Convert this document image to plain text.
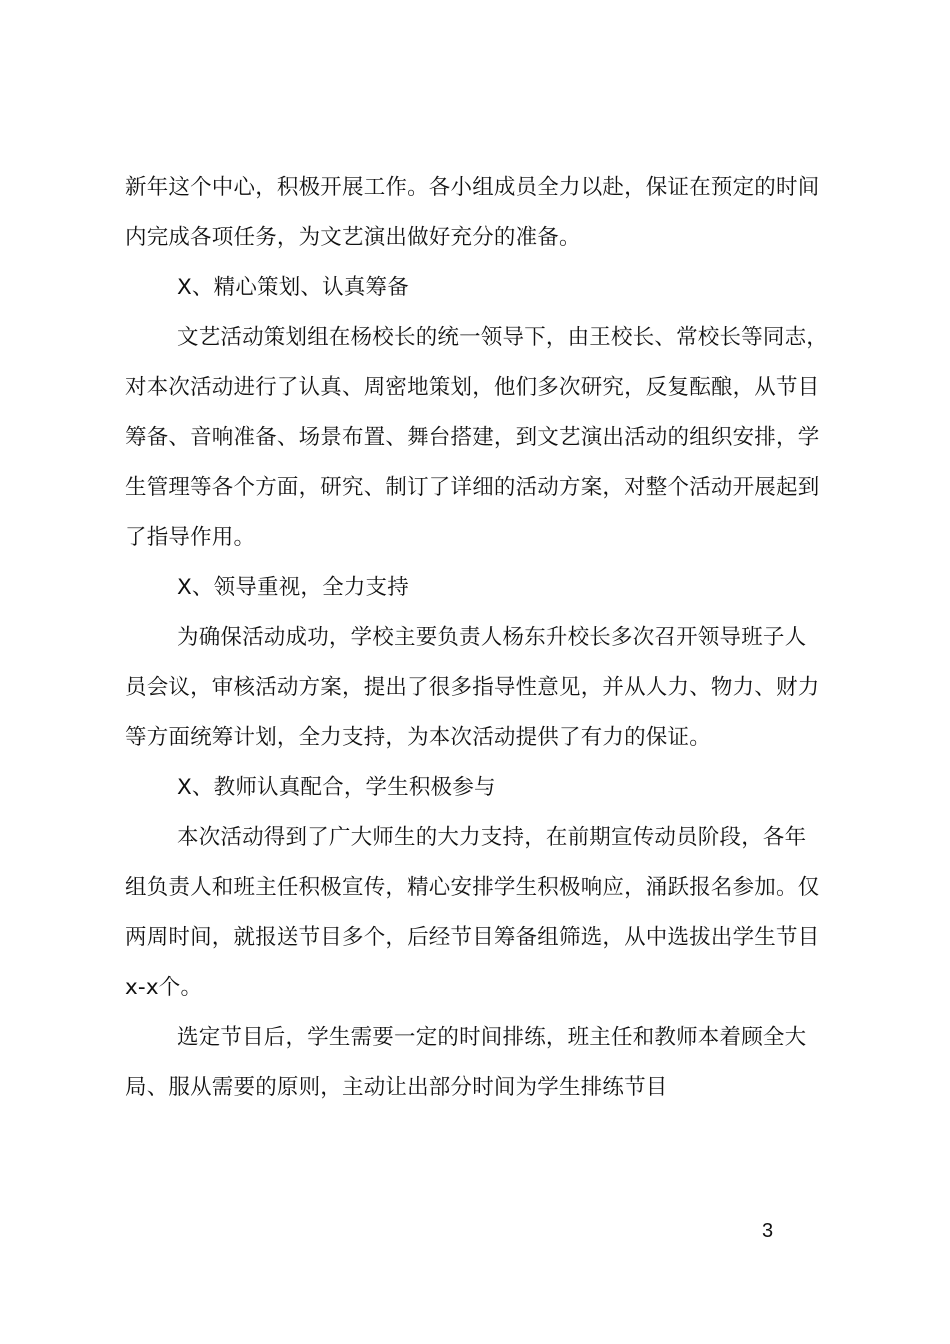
新年这个中心，积极开展工作。各小组成员全力以赴，保证在预定的时间
内完成各项任务，为文艺演出做好充分的准备。
X、精心策划、认真筹备
文艺活动策划组在杨校长的统一领导下，由王校长、常校长等同志，
对本次活动进行了认真、周密地策划，他们多次研究，反复酝酿，从节目
筹备、音响准备、场景布置、舞台搭建，到文艺演出活动的组织安排，学
生管理等各个方面，研究、制订了详细的活动方案，对整个活动开展起到
了指导作用。
X、领导重视，全力支持
为确保活动成功，学校主要负责人杨东升校长多次召开领导班子人
员会议，审核活动方案，提出了很多指导性意见，并从人力、物力、财力
等方面统筹计划，全力支持，为本次活动提供了有力的保证。
X、教师认真配合，学生积极参与
本次活动得到了广大师生的大力支持，在前期宣传动员阶段，各年
组负责人和班主任积极宣传，精心安排学生积极响应，涌跃报名参加。仅
两周时间，就报送节目多个，后经节目筹备组筛选，从中选拔出学生节目
x-x个。
选定节目后，学生需要一定的时间排练，班主任和教师本着顾全大
局、服从需要的原则，主动让出部分时间为学生排练节目
3
